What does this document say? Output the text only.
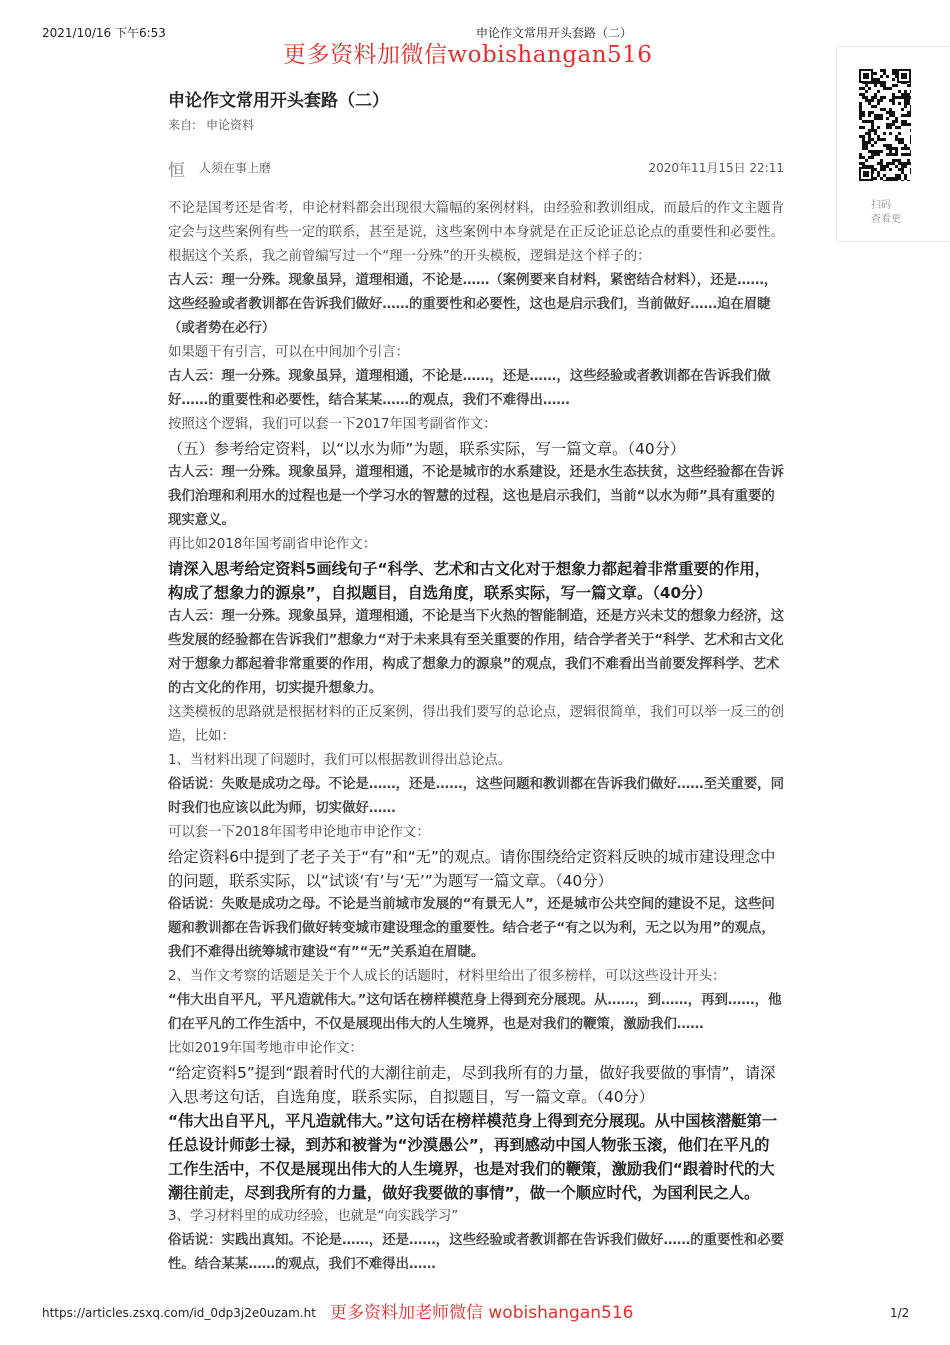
2021/10/16 下午6:53	申论作文常用开头套路（二）
更多资料加微信wobishangan516
申论作文常用开头套路（二）
来自: 申论资料
恒 人须在事上磨	2020年11月15日 22:11

不论是国考还是省考，申论材料都会出现很大篇幅的案例材料，由经验和教训组成，而最后的作文主题肯定会与这些案例有些一定的联系，甚至是说，这些案例中本身就是在正反论证总论点的重要性和必要性。根据这个关系，我之前曾编写过一个“理一分殊”的开头模板，逻辑是这个样子的：

古人云：理一分殊。现象虽异，道理相通，不论是……（案例要来自材料，紧密结合材料），还是……，这些经验或者教训都在告诉我们做好……的重要性和必要性，这也是启示我们，当前做好……迫在眉睫（或者势在必行）

如果题干有引言，可以在中间加个引言：

古人云：理一分殊。现象虽异，道理相通，不论是……，还是……，这些经验或者教训都在告诉我们做好……的重要性和必要性，结合某某……的观点，我们不难得出……

按照这个逻辑，我们可以套一下2017年国考副省作文：

（五）参考给定资料，以“以水为师”为题，联系实际，写一篇文章。（40分）

古人云：理一分殊。现象虽异，道理相通，不论是城市的水系建设，还是水生态扶贫，这些经验都在告诉我们治理和利用水的过程也是一个学习水的智慧的过程，这也是启示我们，当前“以水为师”具有重要的现实意义。

再比如2018年国考副省申论作文：

请深入思考给定资料5画线句子“科学、艺术和古文化对于想象力都起着非常重要的作用，构成了想象力的源泉”，自拟题目，自选角度，联系实际，写一篇文章。（40分）

古人云：理一分殊。现象虽异，道理相通，不论是当下火热的智能制造，还是方兴未艾的想象力经济，这些发展的经验都在告诉我们”想象力“对于未来具有至关重要的作用，结合学者关于“科学、艺术和古文化对于想象力都起着非常重要的作用，构成了想象力的源泉”的观点，我们不难看出当前要发挥科学、艺术的古文化的作用，切实提升想象力。

这类模板的思路就是根据材料的正反案例，得出我们要写的总论点，逻辑很简单，我们可以举一反三的创造，比如：

1、当材料出现了问题时，我们可以根据教训得出总论点。

俗话说：失败是成功之母。不论是……，还是……，这些问题和教训都在告诉我们做好……至关重要，同时我们也应该以此为师，切实做好……

可以套一下2018年国考申论地市申论作文：

给定资料6中提到了老子关于“有”和“无”的观点。请你围绕给定资料反映的城市建设理念中的问题，联系实际，以“试谈‘有’与‘无’”为题写一篇文章。（40分）

俗话说：失败是成功之母。不论是当前城市发展的“有景无人”，还是城市公共空间的建设不足，这些问题和教训都在告诉我们做好转变城市建设理念的重要性。结合老子“有之以为利，无之以为用”的观点，我们不难得出统筹城市建设“有”“无”关系迫在眉睫。

2、当作文考察的话题是关于个人成长的话题时，材料里给出了很多榜样，可以这些设计开头：

“伟大出自平凡，平凡造就伟大。”这句话在榜样模范身上得到充分展现。从……，到……，再到……，他们在平凡的工作生活中，不仅是展现出伟大的人生境界，也是对我们的鞭策，激励我们……

比如2019年国考地市申论作文：

“给定资料5”提到“跟着时代的大潮往前走，尽到我所有的力量，做好我要做的事情”，请深入思考这句话，自选角度，联系实际，自拟题目，写一篇文章。（40分）

“伟大出自平凡，平凡造就伟大。”这句话在榜样模范身上得到充分展现。从中国核潜艇第一任总设计师彭士禄，到苏和被誉为“沙漠愚公”，再到感动中国人物张玉滚，他们在平凡的工作生活中，不仅是展现出伟大的人生境界，也是对我们的鞭策，激励我们“跟着时代的大潮往前走，尽到我所有的力量，做好我要做的事情”，做一个顺应时代，为国利民之人。

3、学习材料里的成功经验，也就是“向实践学习”

俗话说：实践出真知。不论是……，还是……，这些经验或者教训都在告诉我们做好……的重要性和必要性。结合某某……的观点，我们不难得出……

扫码
查看更
https://articles.zsxq.com/id_0dp3j2e0uzam.ht 更多资料加老师微信 wobishangan516	1/2
